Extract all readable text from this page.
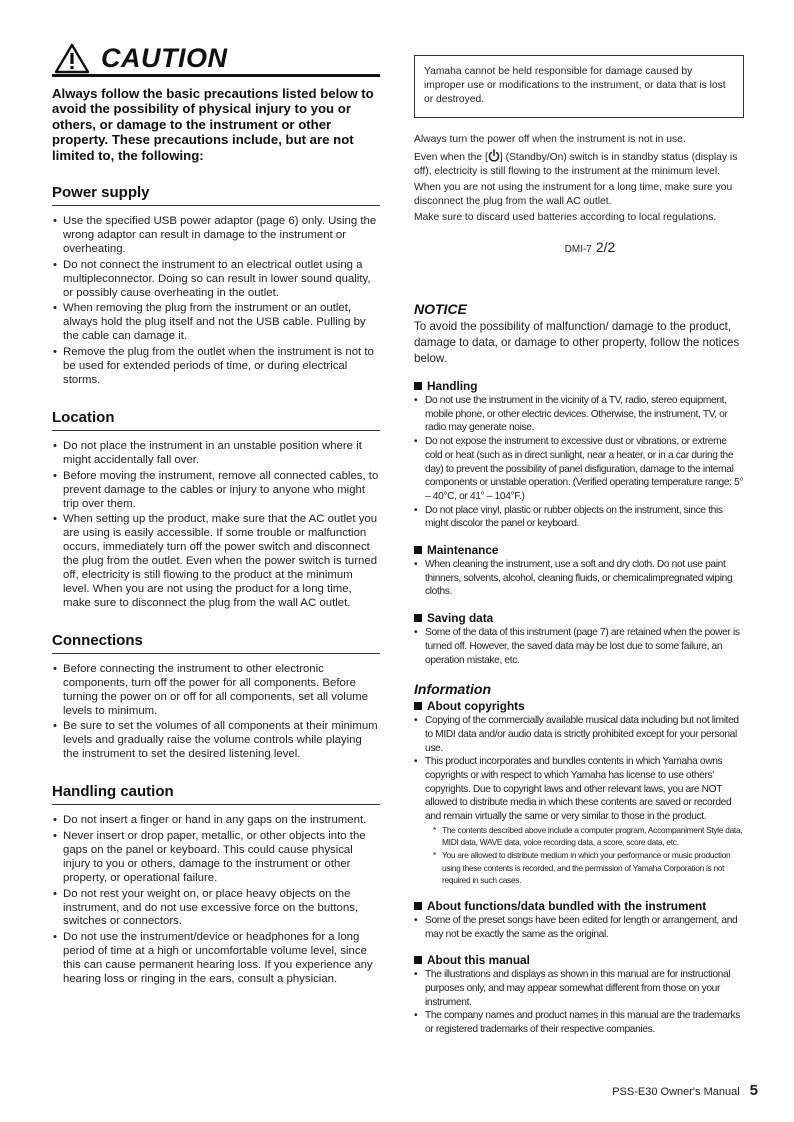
CAUTION

Always follow the basic precautions listed below to avoid the possibility of physical injury to you or others, or damage to the instrument or other property. These precautions include, but are not limited to, the following:

Power supply
• Use the specified USB power adaptor (page 6) only. Using the wrong adaptor can result in damage to the instrument or overheating.
• Do not connect the instrument to an electrical outlet using a multipleconnector. Doing so can result in lower sound quality, or possibly cause overheating in the outlet.
• When removing the plug from the instrument or an outlet, always hold the plug itself and not the USB cable. Pulling by the cable can damage it.
• Remove the plug from the outlet when the instrument is not to be used for extended periods of time, or during electrical storms.
Location
• Do not place the instrument in an unstable position where it might accidentally fall over.
• Before moving the instrument, remove all connected cables, to prevent damage to the cables or injury to anyone who might trip over them.
• When setting up the product, make sure that the AC outlet you are using is easily accessible. If some trouble or malfunction occurs, immediately turn off the power switch and disconnect the plug from the outlet. Even when the power switch is turned off, electricity is still flowing to the product at the minimum level. When you are not using the product for a long time, make sure to disconnect the plug from the wall AC outlet.
Connections
• Before connecting the instrument to other electronic components, turn off the power for all components. Before turning the power on or off for all components, set all volume levels to minimum.
• Be sure to set the volumes of all components at their minimum levels and gradually raise the volume controls while playing the instrument to set the desired listening level.
Handling caution
• Do not insert a finger or hand in any gaps on the instrument.
• Never insert or drop paper, metallic, or other objects into the gaps on the panel or keyboard. This could cause physical injury to you or others, damage to the instrument or other property, or operational failure.
• Do not rest your weight on, or place heavy objects on the instrument, and do not use excessive force on the buttons, switches or connectors.
• Do not use the instrument/device or headphones for a long period of time at a high or uncomfortable volume level, since this can cause permanent hearing loss. If you experience any hearing loss or ringing in the ears, consult a physician.
Yamaha cannot be held responsible for damage caused by improper use or modifications to the instrument, or data that is lost or destroyed.

Always turn the power off when the instrument is not in use.

Even when the [ ] (Standby/On) switch is in standby status (display is off), electricity is still flowing to the instrument at the minimum level.

When you are not using the instrument for a long time, make sure you disconnect the plug from the wall AC outlet.

Make sure to discard used batteries according to local regulations.

DMI-7 2/2
NOTICE

To avoid the possibility of malfunction/ damage to the product, damage to data, or damage to other property, follow the notices below.

Handling
• Do not use the instrument in the vicinity of a TV, radio, stereo equipment, mobile phone, or other electric devices. Otherwise, the instrument, TV, or radio may generate noise.
• Do not expose the instrument to excessive dust or vibrations, or extreme cold or heat (such as in direct sunlight, near a heater, or in a car during the day) to prevent the possibility of panel disfiguration, damage to the internal components or unstable operation. (Verified operating temperature range: 5° – 40°C, or 41° – 104°F.)
• Do not place vinyl, plastic or rubber objects on the instrument, since this might discolor the panel or keyboard.
Maintenance
• When cleaning the instrument, use a soft and dry cloth. Do not use paint thinners, solvents, alcohol, cleaning fluids, or chemicalimpregnated wiping cloths.
Saving data
• Some of the data of this instrument (page 7) are retained when the power is turned off. However, the saved data may be lost due to some failure, an operation mistake, etc.
Information
About copyrights
• Copying of the commercially available musical data including but not limited to MIDI data and/or audio data is strictly prohibited except for your personal use.
• This product incorporates and bundles contents in which Yamaha owns copyrights or with respect to which Yamaha has license to use others' copyrights. Due to copyright laws and other relevant laws, you are NOT allowed to distribute media in which these contents are saved or recorded and remain virtually the same or very similar to those in the product.
* The contents described above include a computer program, Accompaniment Style data, MIDI data, WAVE data, voice recording data, a score, score data, etc.
* You are allowed to distribute medium in which your performance or music production using these contents is recorded, and the permission of Yamaha Corporation is not required in such cases.
About functions/data bundled with the instrument
• Some of the preset songs have been edited for length or arrangement, and may not be exactly the same as the original.
About this manual
• The illustrations and displays as shown in this manual are for instructional purposes only, and may appear somewhat different from those on your instrument.
• The company names and product names in this manual are the trademarks or registered trademarks of their respective companies.
PSS-E30 Owner's Manual 5
